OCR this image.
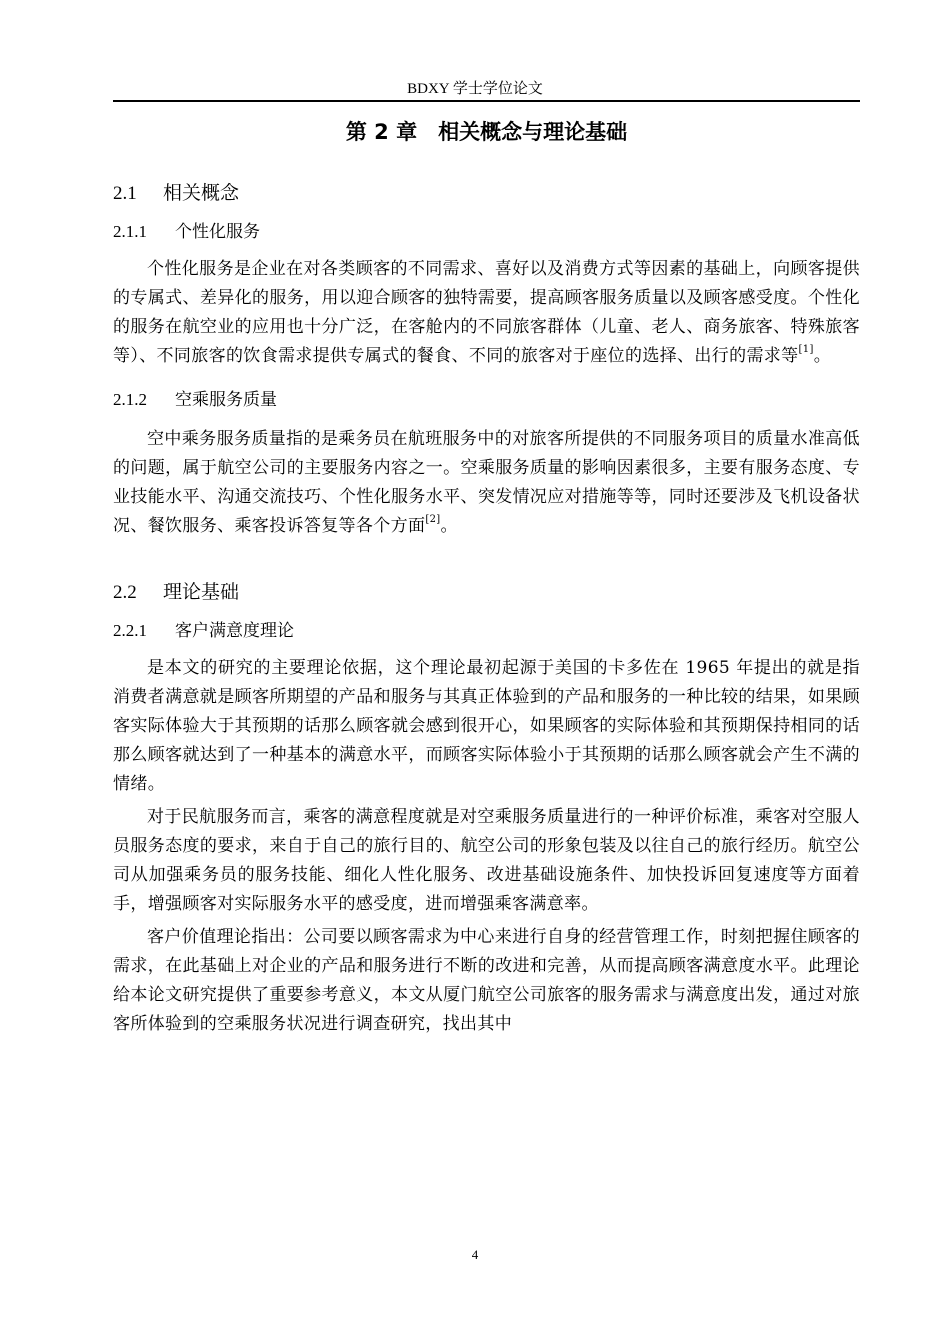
BDXY 学士学位论文
第 2 章　相关概念与理论基础
2.1 相关概念
2.1.1 个性化服务

个性化服务是企业在对各类顾客的不同需求、喜好以及消费方式等因素的基础上，向顾客提供的专属式、差异化的服务，用以迎合顾客的独特需要，提高顾客服务质量以及顾客感受度。个性化的服务在航空业的应用也十分广泛，在客舱内的不同旅客群体（儿童、老人、商务旅客、特殊旅客等）、不同旅客的饮食需求提供专属式的餐食、不同的旅客对于座位的选择、出行的需求等[1]。

2.1.2 空乘服务质量

空中乘务服务质量指的是乘务员在航班服务中的对旅客所提供的不同服务项目的质量水准高低的问题，属于航空公司的主要服务内容之一。空乘服务质量的影响因素很多，主要有服务态度、专业技能水平、沟通交流技巧、个性化服务水平、突发情况应对措施等等，同时还要涉及飞机设备状况、餐饮服务、乘客投诉答复等各个方面[2]。

2.2 理论基础
2.2.1 客户满意度理论

是本文的研究的主要理论依据，这个理论最初起源于美国的卡多佐在 1965 年提出的就是指消费者满意就是顾客所期望的产品和服务与其真正体验到的产品和服务的一种比较的结果，如果顾客实际体验大于其预期的话那么顾客就会感到很开心，如果顾客的实际体验和其预期保持相同的话那么顾客就达到了一种基本的满意水平，而顾客实际体验小于其预期的话那么顾客就会产生不满的情绪。

对于民航服务而言，乘客的满意程度就是对空乘服务质量进行的一种评价标准，乘客对空服人员服务态度的要求，来自于自己的旅行目的、航空公司的形象包装及以往自己的旅行经历。航空公司从加强乘务员的服务技能、细化人性化服务、改进基础设施条件、加快投诉回复速度等方面着手，增强顾客对实际服务水平的感受度，进而增强乘客满意率。

客户价值理论指出：公司要以顾客需求为中心来进行自身的经营管理工作，时刻把握住顾客的需求，在此基础上对企业的产品和服务进行不断的改进和完善，从而提高顾客满意度水平。此理论给本论文研究提供了重要参考意义，本文从厦门航空公司旅客的服务需求与满意度出发，通过对旅客所体验到的空乘服务状况进行调查研究，找出其中

4
